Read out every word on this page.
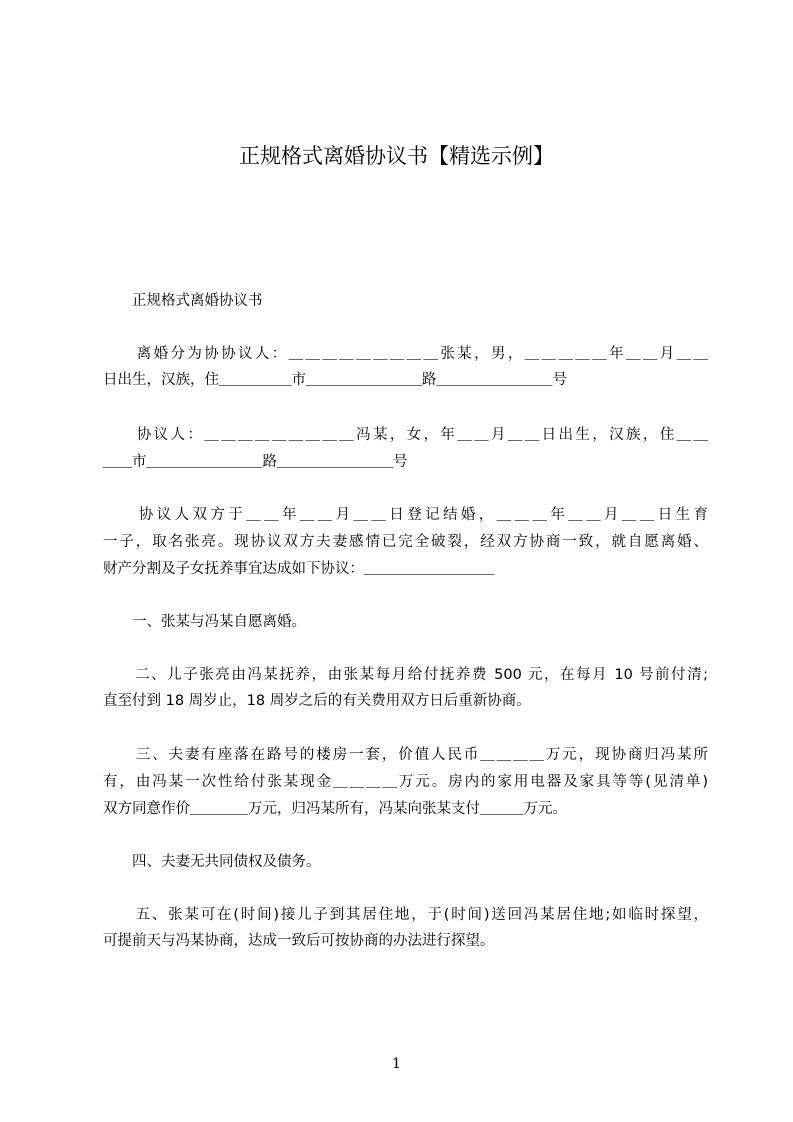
正规格式离婚协议书【精选示例】

　　正规格式离婚协议书

　　离婚分为协协议人：＿＿＿＿＿＿＿＿＿张某，男，＿＿＿＿＿年＿＿月＿＿

日出生，汉族，住＿＿＿＿＿市＿＿＿＿＿＿＿＿路＿＿＿＿＿＿＿＿号

　　协议人：＿＿＿＿＿＿＿＿＿冯某，女，年＿＿月＿＿日出生，汉族，住＿＿

＿＿市＿＿＿＿＿＿＿＿路＿＿＿＿＿＿＿＿号

　　协议人双方于＿＿年＿＿月＿＿日登记结婚，＿＿＿年＿＿月＿＿日生育

一子，取名张亮。现协议双方夫妻感情已完全破裂，经双方协商一致，就自愿离婚、

财产分割及子女抚养事宜达成如下协议：＿＿＿＿＿＿＿＿＿

　　一、张某与冯某自愿离婚。

　　二、儿子张亮由冯某抚养，由张某每月给付抚养费 500 元，在每月 10 号前付清;

直至付到 18 周岁止，18 周岁之后的有关费用双方日后重新协商。

　　三、夫妻有座落在路号的楼房一套，价值人民币＿＿＿＿万元，现协商归冯某所

有，由冯某一次性给付张某现金＿＿＿＿万元。房内的家用电器及家具等等(见清单)

双方同意作价＿＿＿＿万元，归冯某所有，冯某向张某支付＿＿＿万元。

　　四、夫妻无共同债权及债务。

　　五、张某可在(时间)接儿子到其居住地，于(时间)送回冯某居住地;如临时探望，

可提前天与冯某协商，达成一致后可按协商的办法进行探望。

1
